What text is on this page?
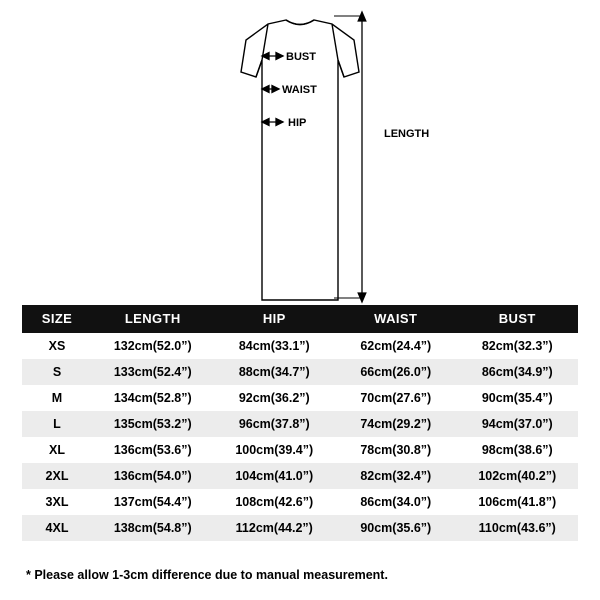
BUST
WAIST
HIP
LENGTH
SIZE	LENGTH	HIP	WAIST	BUST
XS	132cm(52.0”)	84cm(33.1”)	62cm(24.4”)	82cm(32.3”)
S	133cm(52.4”)	88cm(34.7”)	66cm(26.0”)	86cm(34.9”)
M	134cm(52.8”)	92cm(36.2”)	70cm(27.6”)	90cm(35.4”)
L	135cm(53.2”)	96cm(37.8”)	74cm(29.2”)	94cm(37.0”)
XL	136cm(53.6”)	100cm(39.4”)	78cm(30.8”)	98cm(38.6”)
2XL	136cm(54.0”)	104cm(41.0”)	82cm(32.4”)	102cm(40.2”)
3XL	137cm(54.4”)	108cm(42.6”)	86cm(34.0”)	106cm(41.8”)
4XL	138cm(54.8”)	112cm(44.2”)	90cm(35.6”)	110cm(43.6”)
* Please allow 1-3cm difference due to manual measurement.
